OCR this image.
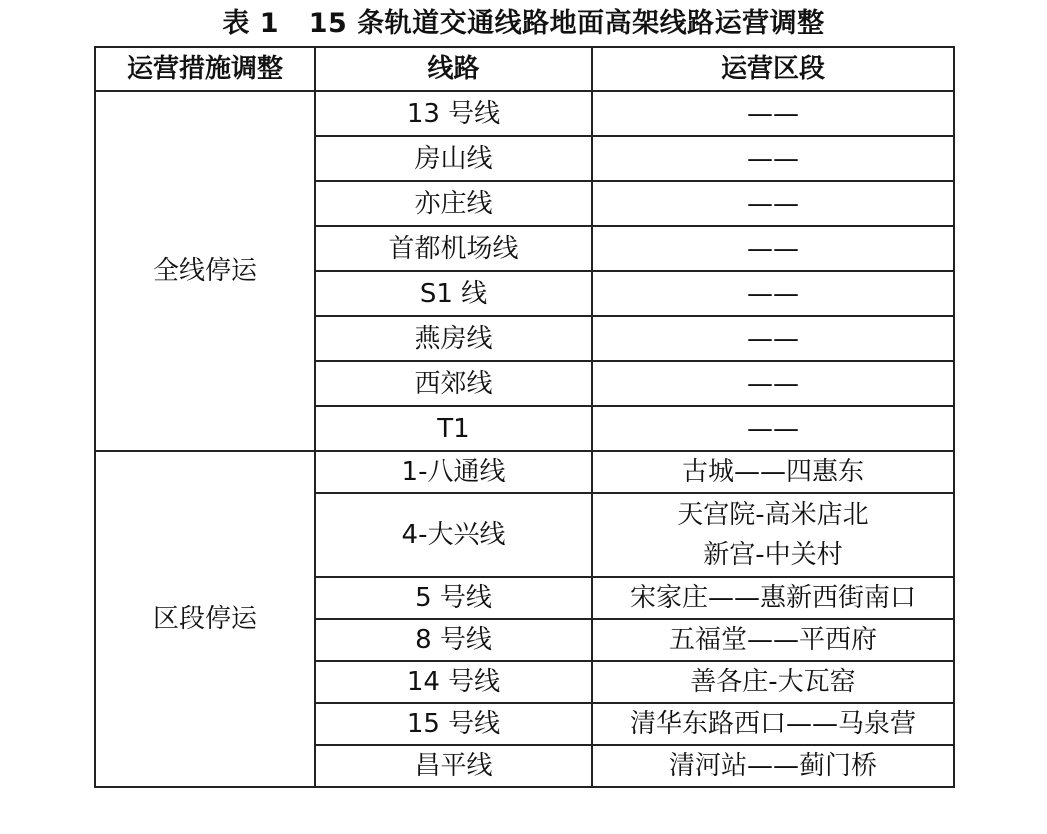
表 1   15 条轨道交通线路地面高架线路运营调整
运营措施调整	线路	运营区段
全线停运	13 号线	——

	房山线	——

	亦庄线	——

	首都机场线	——

	S1 线	——

	燕房线	——

	西郊线	——

	T1	——

区段停运	1-八通线	古城——四惠东

	4-大兴线	天宫院-高米店北
新宫-中关村

	5 号线	宋家庄——惠新西街南口

	8 号线	五福堂——平西府

	14 号线	善各庄-大瓦窑

	15 号线	清华东路西口——马泉营

	昌平线	清河站——蓟门桥
